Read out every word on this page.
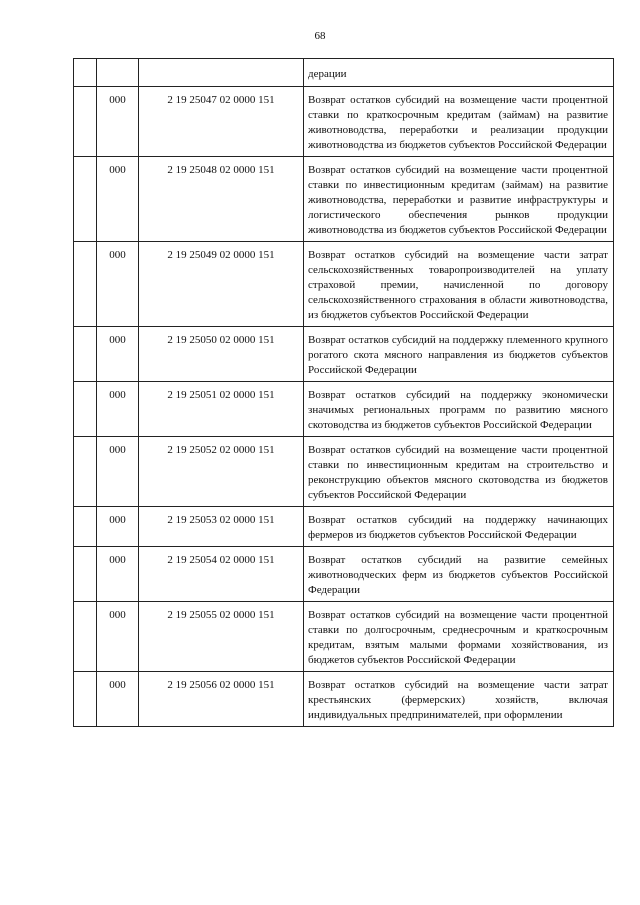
68

			дерации

	000	2 19 25047 02 0000 151	Возврат остатков субсидий на возмещение части процентной ставки по краткосрочным кредитам (займам) на развитие животноводства, переработки и реализации продукции животноводства из бюджетов субъектов Российской Федерации

	000	2 19 25048 02 0000 151	Возврат остатков субсидий на возмещение части процентной ставки по инвестиционным кредитам (займам) на развитие животноводства, переработки и развитие инфраструктуры и логистического обеспечения рынков продукции животноводства из бюджетов субъектов Российской Федерации

	000	2 19 25049 02 0000 151	Возврат остатков субсидий на возмещение части затрат сельскохозяйственных товаропроизводителей на уплату страховой премии, начисленной по договору сельскохозяйственного страхования в области животноводства, из бюджетов субъектов Российской Федерации

	000	2 19 25050 02 0000 151	Возврат остатков субсидий на поддержку племенного крупного рогатого скота мясного направления из бюджетов субъектов Российской Федерации

	000	2 19 25051 02 0000 151	Возврат остатков субсидий на поддержку экономически значимых региональных программ по развитию мясного скотоводства из бюджетов субъектов Российской Федерации

	000	2 19 25052 02 0000 151	Возврат остатков субсидий на возмещение части процентной ставки по инвестиционным кредитам на строительство и реконструкцию объектов мясного скотоводства из бюджетов субъектов Российской Федерации

	000	2 19 25053 02 0000 151	Возврат остатков субсидий на поддержку начинающих фермеров из бюджетов субъектов Российской Федерации

	000	2 19 25054 02 0000 151	Возврат остатков субсидий на развитие семейных животноводческих ферм из бюджетов субъектов Российской Федерации

	000	2 19 25055 02 0000 151	Возврат остатков субсидий на возмещение части процентной ставки по долгосрочным, среднесрочным и краткосрочным кредитам, взятым малыми формами хозяйствования, из бюджетов субъектов Российской Федерации

	000	2 19 25056 02 0000 151	Возврат остатков субсидий на возмещение части затрат крестьянских (фермерских) хозяйств, включая индивидуальных предпринимателей, при оформлении
